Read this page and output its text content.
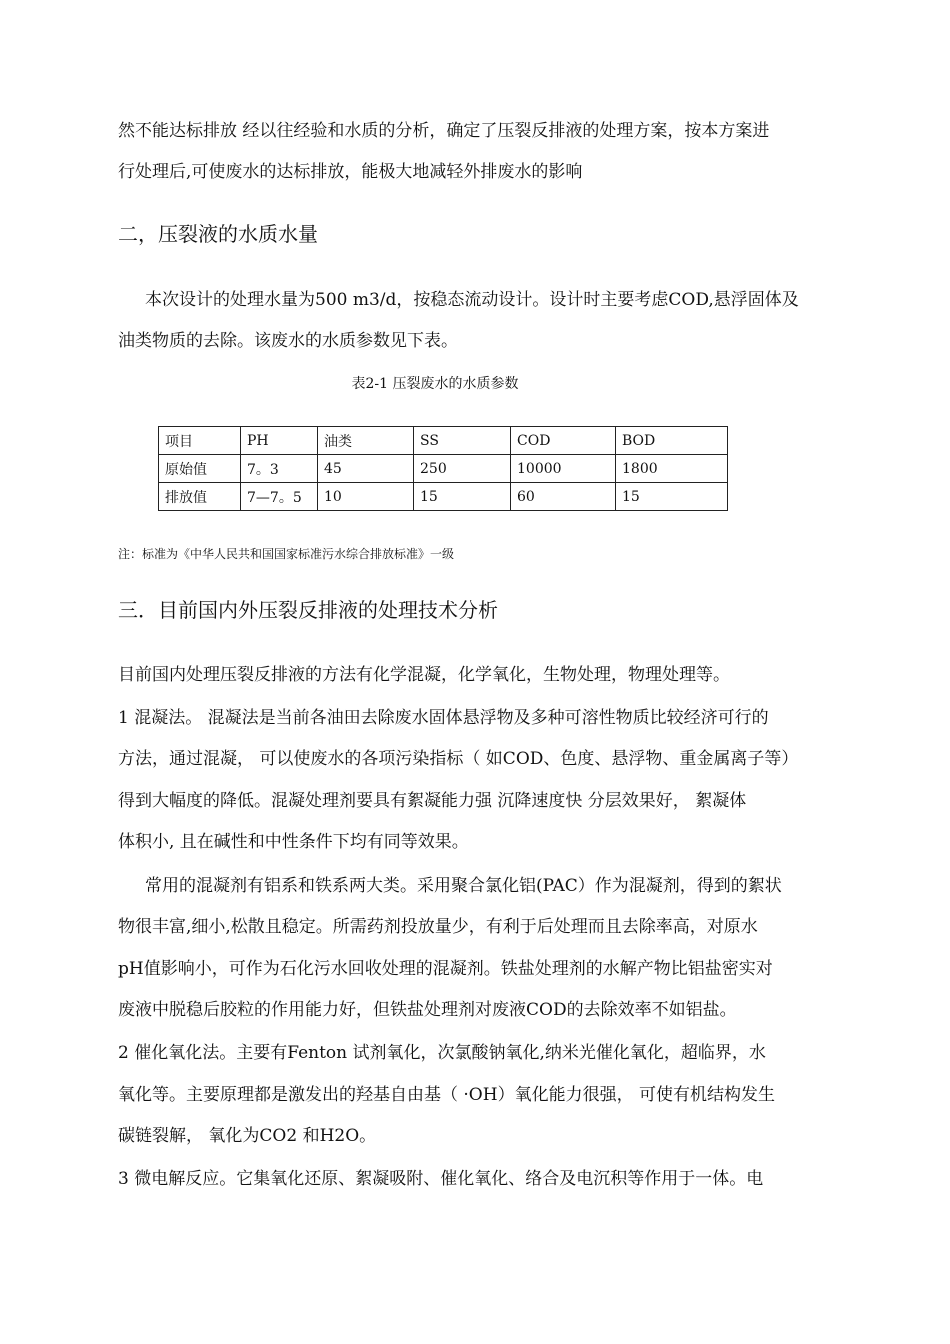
然不能达标排放 经以往经验和水质的分析，确定了压裂反排液的处理方案，按本方案进
行处理后,可使废水的达标排放，能极大地减轻外排废水的影响
二，压裂液的水质水量
本次设计的处理水量为500 m3/d，按稳态流动设计。设计时主要考虑COD,悬浮固体及
油类物质的去除。该废水的水质参数见下表。
表2-1 压裂废水的水质参数
项目	PH	油类	SS	COD	BOD
原始值	7。3	45	250	10000	1800
排放值	7—7。5	10	15	60	15
注：标准为《中华人民共和国国家标准污水综合排放标准》一级
三．目前国内外压裂反排液的处理技术分析
目前国内处理压裂反排液的方法有化学混凝，化学氧化，生物处理，物理处理等。
1 混凝法。 混凝法是当前各油田去除废水固体悬浮物及多种可溶性物质比较经济可行的
方法，通过混凝， 可以使废水的各项污染指标（ 如COD、色度、悬浮物、重金属离子等）
得到大幅度的降低。混凝处理剂要具有絮凝能力强 沉降速度快 分层效果好， 絮凝体
体积小, 且在碱性和中性条件下均有同等效果。
常用的混凝剂有铝系和铁系两大类。采用聚合氯化铝(PAC）作为混凝剂，得到的絮状
物很丰富,细小,松散且稳定。所需药剂投放量少，有利于后处理而且去除率高，对原水
pH值影响小，可作为石化污水回收处理的混凝剂。铁盐处理剂的水解产物比铝盐密实对
废液中脱稳后胶粒的作用能力好，但铁盐处理剂对废液COD的去除效率不如铝盐。
2 催化氧化法。主要有Fenton 试剂氧化，次氯酸钠氧化,纳米光催化氧化，超临界，水
氧化等。主要原理都是激发出的羟基自由基（ ·OH）氧化能力很强， 可使有机结构发生
碳链裂解， 氧化为CO2 和H2O。
3 微电解反应。它集氧化还原、絮凝吸附、催化氧化、络合及电沉积等作用于一体。电
